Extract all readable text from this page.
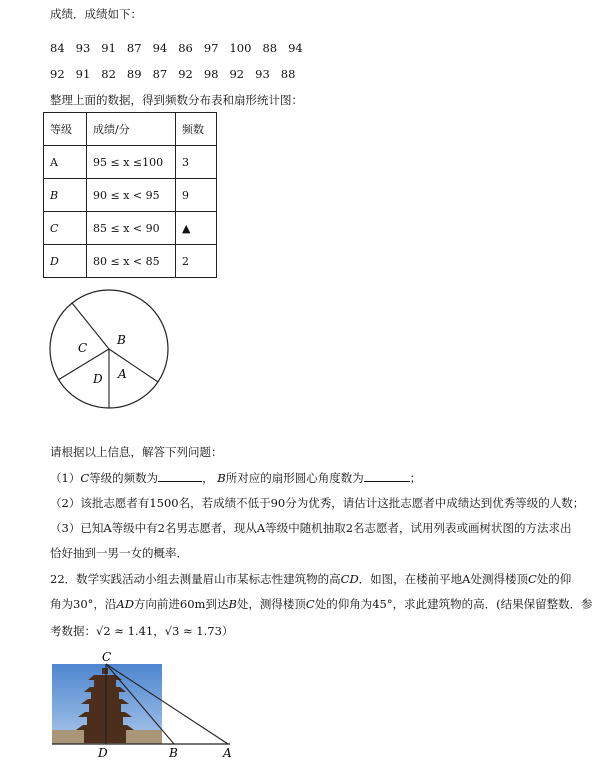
成绩．成绩如下：
84 93 91 87 94 86 97 100 88 94
92 91 82 89 87 92 98 92 93 88
整理上面的数据，得到频数分布表和扇形统计图：
等级	成绩/分	频数
A	95 ≤ x ≤100	3
B	90 ≤ x < 95	9
C	85 ≤ x < 90	▲
D	80 ≤ x < 85	2
B
C
D A
请根据以上信息，解答下列问题：
（1）C等级的频数为	， B所对应的扇形圆心角度数为	；
（2）该批志愿者有1500名，若成绩不低于90分为优秀，请估计这批志愿者中成绩达到优秀等级的人数；
（3）已知A等级中有2名男志愿者，现从A等级中随机抽取2名志愿者，试用列表或画树状图的方法求出
恰好抽到一男一女的概率．
22．数学实践活动小组去测量眉山市某标志性建筑物的高CD．如图，在楼前平地A处测得楼顶C处的仰
角为30°，沿AD方向前进60m到达B处，测得楼顶C处的仰角为45°，求此建筑物的高．(结果保留整数．参
考数据：√2 ≈ 1.41，√3 ≈ 1.73）
C
D	B	A
